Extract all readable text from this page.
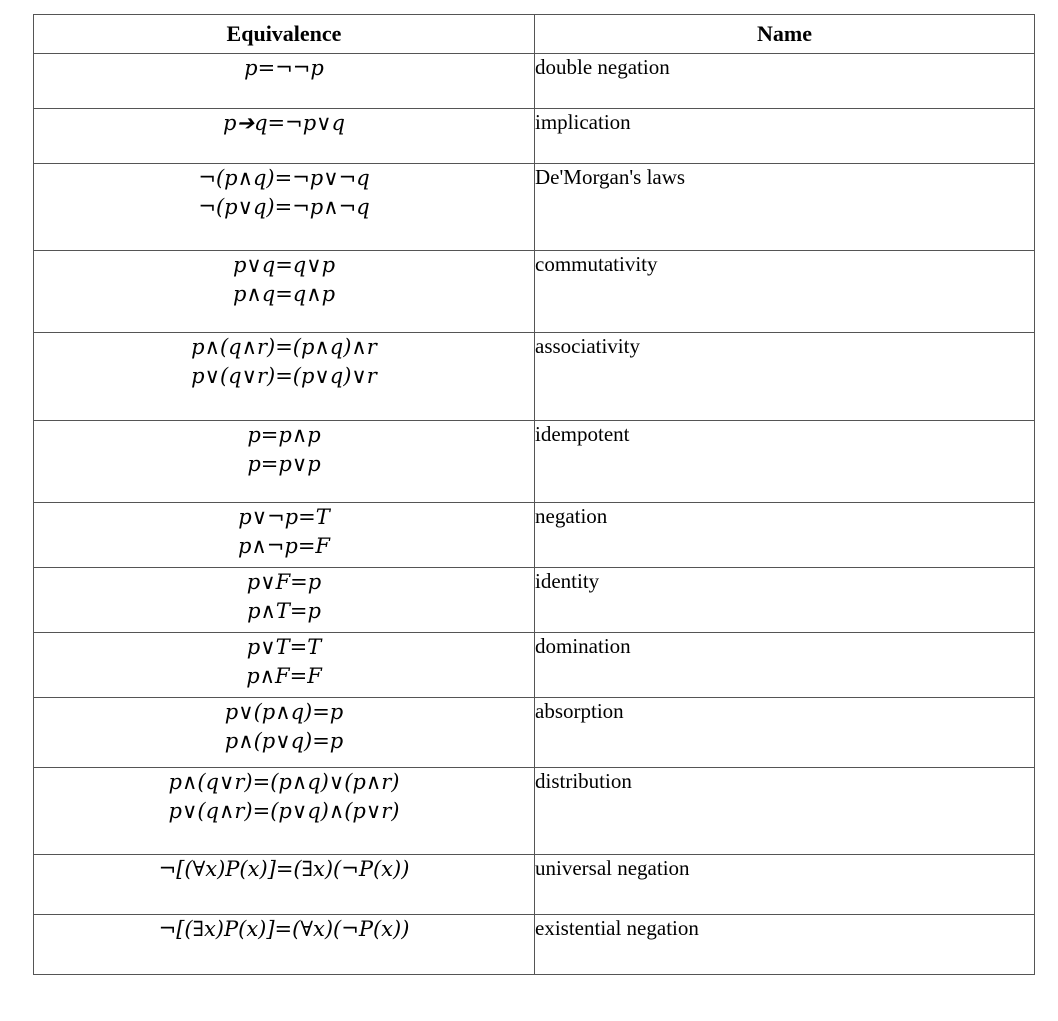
Equivalence	Name

p=¬¬p	double negation

p➔q=¬p∨q	implication

¬(p∧q)=¬p∨¬q
¬(p∨q)=¬p∧¬q	De'Morgan's laws

p∨q=q∨p
p∧q=q∧p	commutativity

p∧(q∧r)=(p∧q)∧r
p∨(q∨r)=(p∨q)∨r	associativity

p=p∧p
p=p∨p	idempotent

p∨¬p=T
p∧¬p=F	negation

p∨F=p
p∧T=p	identity

p∨T=T
p∧F=F	domination

p∨(p∧q)=p
p∧(p∨q)=p	absorption

p∧(q∨r)=(p∧q)∨(p∧r)
p∨(q∧r)=(p∨q)∧(p∨r)	distribution

¬[(∀x)P(x)]=(∃x)(¬P(x))	universal negation

¬[(∃x)P(x)]=(∀x)(¬P(x))	existential negation
